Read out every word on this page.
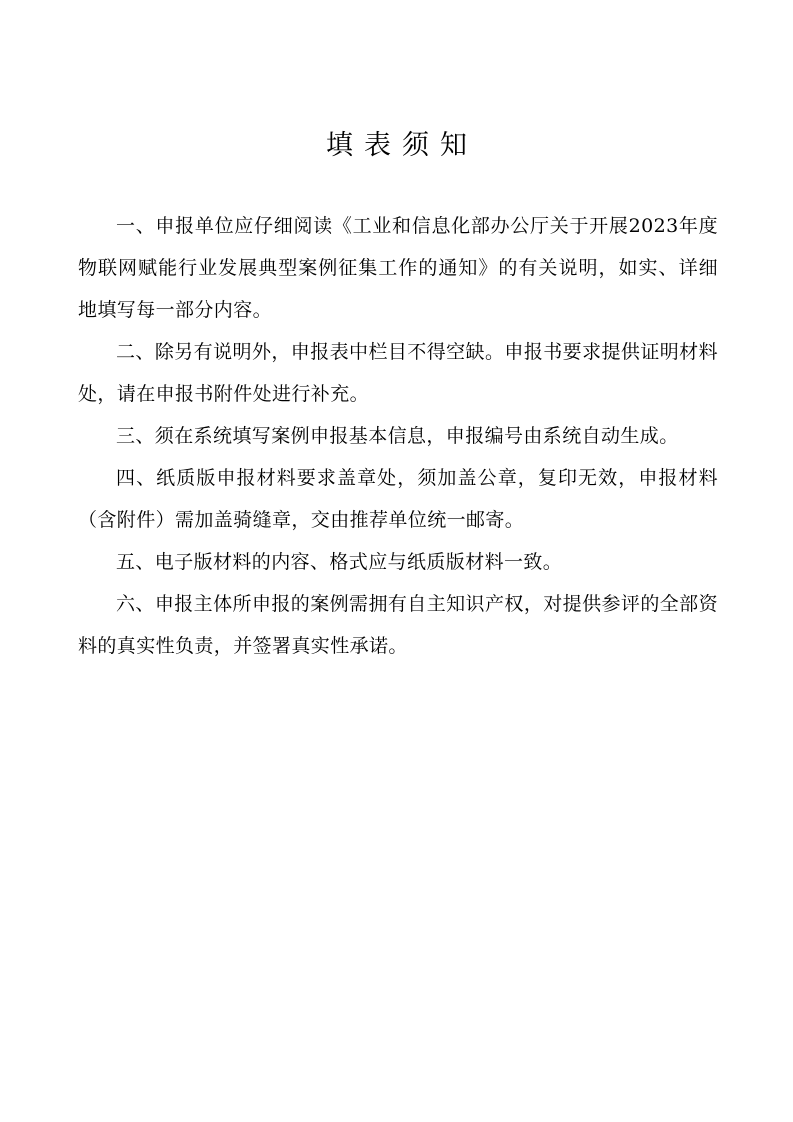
填表须知

一、申报单位应仔细阅读《工业和信息化部办公厅关于开展2023年度物联网赋能行业发展典型案例征集工作的通知》的有关说明，如实、详细地填写每一部分内容。

二、除另有说明外，申报表中栏目不得空缺。申报书要求提供证明材料处，请在申报书附件处进行补充。

三、须在系统填写案例申报基本信息，申报编号由系统自动生成。

四、纸质版申报材料要求盖章处，须加盖公章，复印无效，申报材料（含附件）需加盖骑缝章，交由推荐单位统一邮寄。

五、电子版材料的内容、格式应与纸质版材料一致。

六、申报主体所申报的案例需拥有自主知识产权，对提供参评的全部资料的真实性负责，并签署真实性承诺。
